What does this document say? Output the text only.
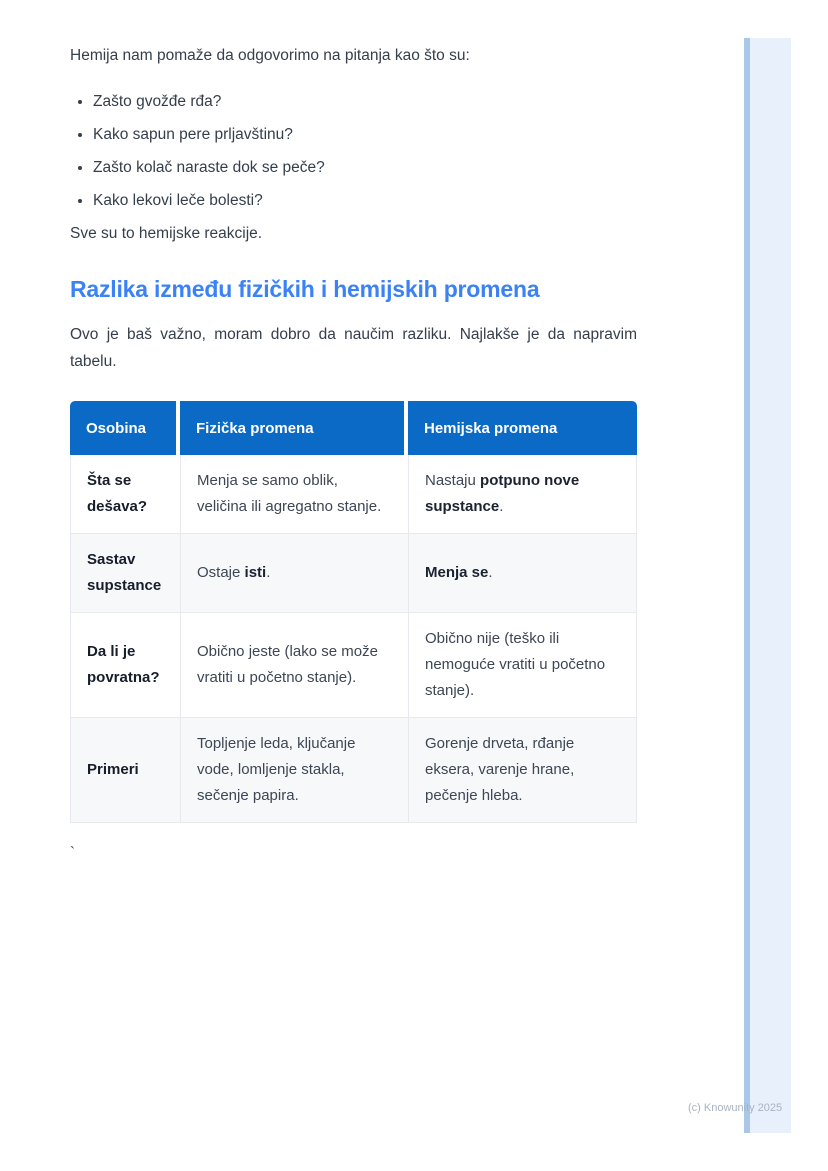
Hemija nam pomaže da odgovorimo na pitanja kao što su:

• Zašto gvožđe rđa?
• Kako sapun pere prljavštinu?
• Zašto kolač naraste dok se peče?
• Kako lekovi leče bolesti?

Sve su to hemijske reakcije.

Razlika između fizičkih i hemijskih promena

Ovo je baš važno, moram dobro da naučim razliku. Najlakše je da napravim tabelu.

Osobina	Fizička promena	Hemijska promena
Šta se dešava?	Menja se samo oblik, veličina ili agregatno stanje.	Nastaju potpuno nove supstance.
Sastav supstance	Ostaje isti.	Menja se.
Da li je povratna?	Obično jeste (lako se može vratiti u početno stanje).	Obično nije (teško ili nemoguće vratiti u početno stanje).
Primeri	Topljenje leda, ključanje vode, lomljenje stakla, sečenje papira.	Gorenje drveta, rđanje eksera, varenje hrane, pečenje hleba.
`
(c) Knowunity 2025
